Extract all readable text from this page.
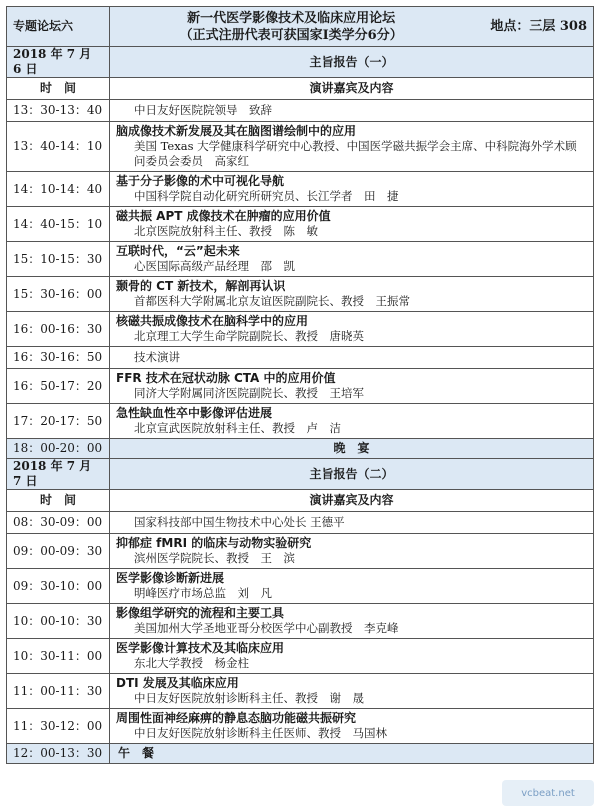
专题论坛六	新一代医学影像技术及临床应用论坛
（正式注册代表可获国家Ⅰ类学分6分）
地点：三层 308

2018 年 7 月 6 日	主旨报告（一）
时　间	演讲嘉宾及内容
13：30-13：40	中日友好医院院领导　致辞

13：40-14：10	脑成像技术新发展及其在脑图谱绘制中的应用
美国 Texas 大学健康科学研究中心教授、中国医学磁共振学会主席、中科院海外学术顾问委员会委员　高家红

14：10-14：40	基于分子影像的术中可视化导航
中国科学院自动化研究所研究员、长江学者　田　捷

14：40-15：10	磁共振 APT 成像技术在肿瘤的应用价值
北京医院放射科主任、教授　陈　敏

15：10-15：30	互联时代，“云”起未来
心医国际高级产品经理　邵　凯

15：30-16：00	颞骨的 CT 新技术，解剖再认识
首都医科大学附属北京友谊医院副院长、教授　王振常

16：00-16：30	核磁共振成像技术在脑科学中的应用
北京理工大学生命学院副院长、教授　唐晓英

16：30-16：50	技术演讲

16：50-17：20	FFR 技术在冠状动脉 CTA 中的应用价值
同济大学附属同济医院副院长、教授　王培军

17：20-17：50	急性缺血性卒中影像评估进展
北京宣武医院放射科主任、教授　卢　洁

18：00-20：00	晚　宴
2018 年 7 月 7 日	主旨报告（二）
时　间	演讲嘉宾及内容
08：30-09：00	国家科技部中国生物技术中心处长 王德平

09：00-09：30	抑郁症 fMRI 的临床与动物实验研究
滨州医学院院长、教授　王　滨

09：30-10：00	医学影像诊断新进展
明峰医疗市场总监　刘　凡

10：00-10：30	影像组学研究的流程和主要工具
美国加州大学圣地亚哥分校医学中心副教授　李克峰

10：30-11：00	医学影像计算技术及其临床应用
东北大学教授　杨金柱

11：00-11：30	DTI 发展及其临床应用
中日友好医院放射诊断科主任、教授　谢　晟

11：30-12：00	周围性面神经麻痹的静息态脑功能磁共振研究
中日友好医院放射诊断科主任医师、教授　马国林

12：00-13：30	午　餐
vcbeat.net
